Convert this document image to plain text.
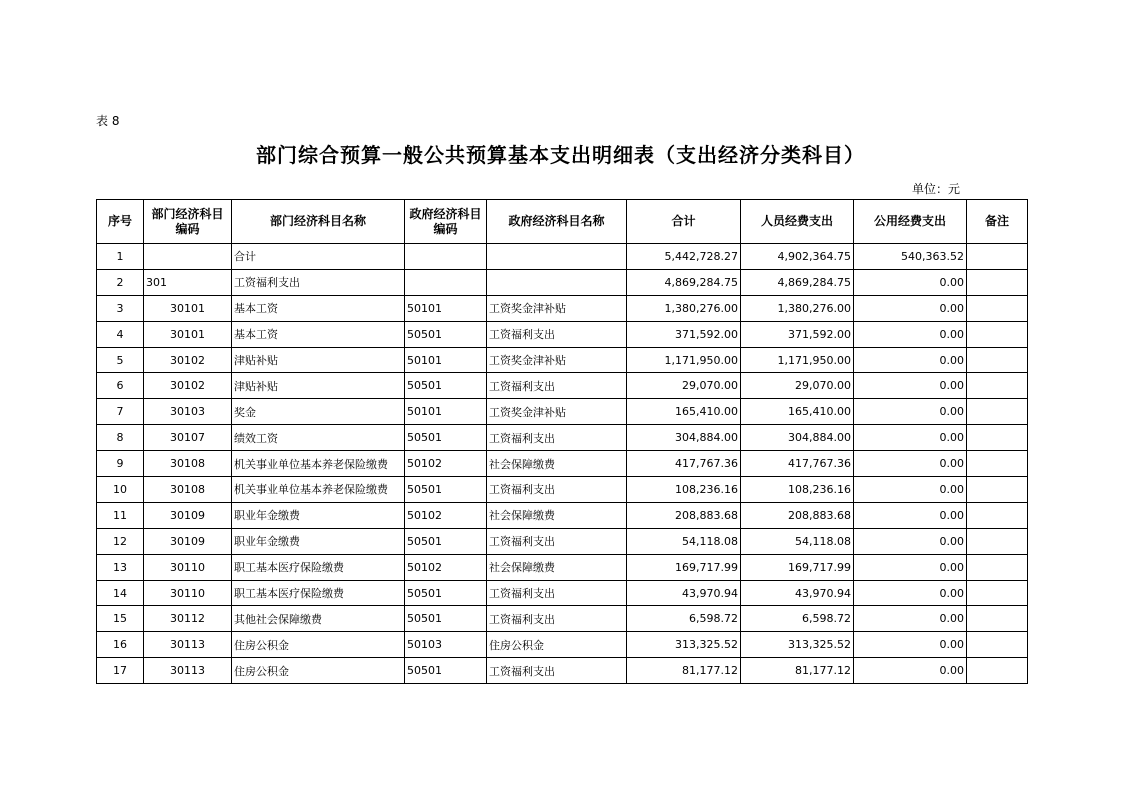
表 8
部门综合预算一般公共预算基本支出明细表（支出经济分类科目）
单位：元
序号	部门经济科目编码	部门经济科目名称	政府经济科目编码	政府经济科目名称	合计	人员经费支出	公用经费支出	备注
1		合计			5,442,728.27	4,902,364.75	540,363.52	
2	301	工资福利支出			4,869,284.75	4,869,284.75	0.00	
3	30101	基本工资	50101	工资奖金津补贴	1,380,276.00	1,380,276.00	0.00	
4	30101	基本工资	50501	工资福利支出	371,592.00	371,592.00	0.00	
5	30102	津贴补贴	50101	工资奖金津补贴	1,171,950.00	1,171,950.00	0.00	
6	30102	津贴补贴	50501	工资福利支出	29,070.00	29,070.00	0.00	
7	30103	奖金	50101	工资奖金津补贴	165,410.00	165,410.00	0.00	
8	30107	绩效工资	50501	工资福利支出	304,884.00	304,884.00	0.00	
9	30108	机关事业单位基本养老保险缴费	50102	社会保障缴费	417,767.36	417,767.36	0.00	
10	30108	机关事业单位基本养老保险缴费	50501	工资福利支出	108,236.16	108,236.16	0.00	
11	30109	职业年金缴费	50102	社会保障缴费	208,883.68	208,883.68	0.00	
12	30109	职业年金缴费	50501	工资福利支出	54,118.08	54,118.08	0.00	
13	30110	职工基本医疗保险缴费	50102	社会保障缴费	169,717.99	169,717.99	0.00	
14	30110	职工基本医疗保险缴费	50501	工资福利支出	43,970.94	43,970.94	0.00	
15	30112	其他社会保障缴费	50501	工资福利支出	6,598.72	6,598.72	0.00	
16	30113	住房公积金	50103	住房公积金	313,325.52	313,325.52	0.00	
17	30113	住房公积金	50501	工资福利支出	81,177.12	81,177.12	0.00	
